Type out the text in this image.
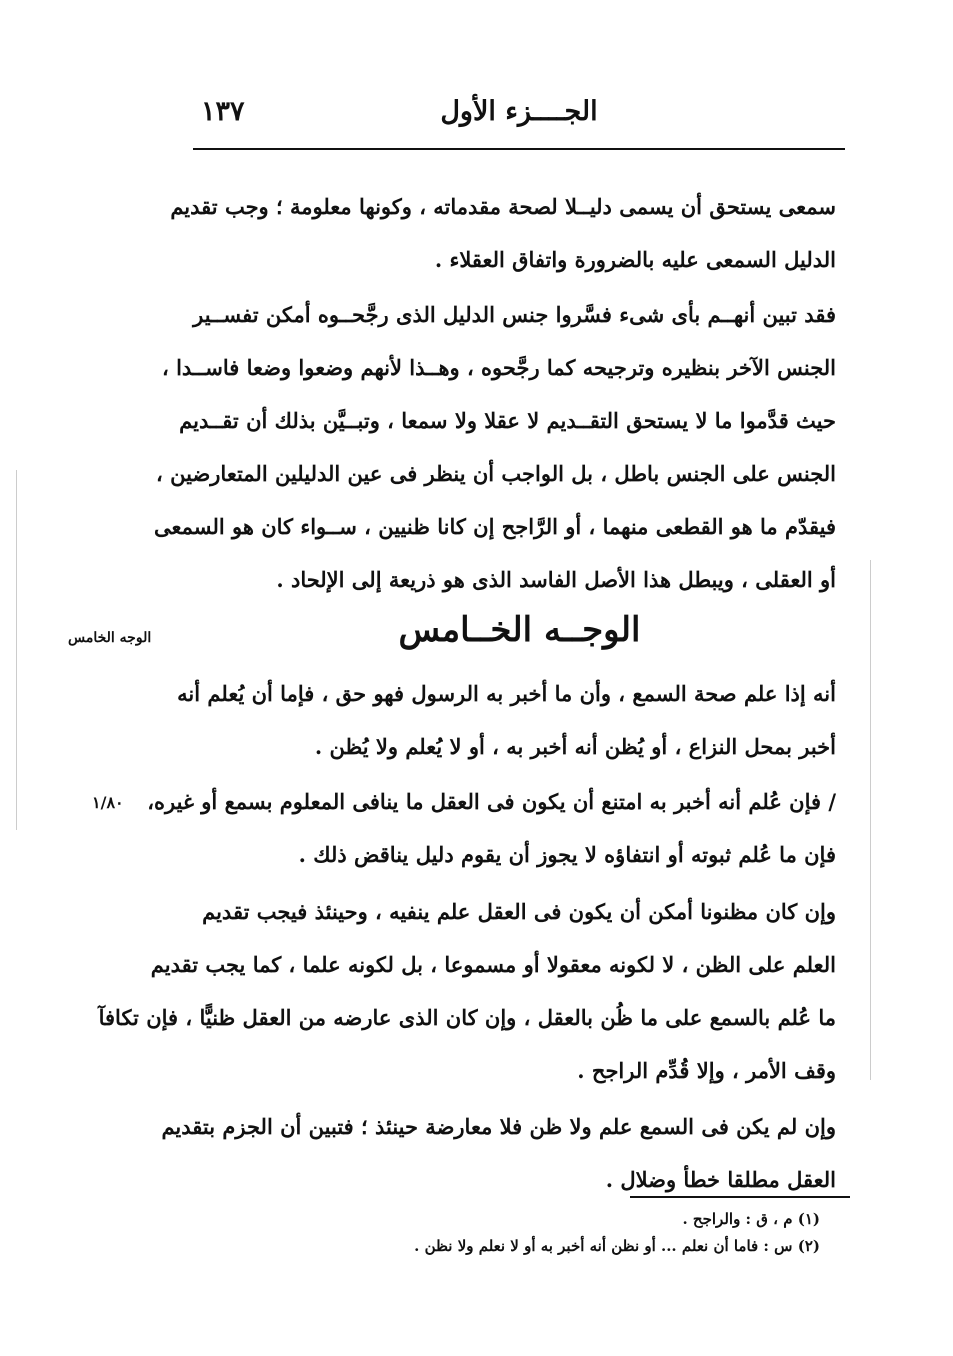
الجــــزء الأول
١٣٧
سمعى يستحق أن يسمى دليــلا لصحة مقدماته ، وكونها معلومة ؛ وجب تقديم
الدليل السمعى عليه بالضرورة واتفاق العقلاء .
فقد تبين أنهــم بأى شىء فسَّروا جنس الدليل الذى رجَّحــوه أمكن تفســير
الجنس الآخر بنظيره وترجيحه كما رجَّحوه ، وهــذا لأنهم وضعوا وضعا فاســدا ،
حيث قدَّموا ما لا يستحق التقــديم لا عقلا ولا سمعا ، وتبــيَّن بذلك أن تقــديم
الجنس على الجنس باطل ، بل الواجب أن ينظر فى عين الدليلين المتعارضين ،
فيقدّم ما هو القطعى منهما ، أو الرَّاجح إن كانا ظنيين ، ســواء كان هو السمعى
أو العقلى ، ويبطل هذا الأصل الفاسد الذى هو ذريعة إلى الإلحاد .
الوجــه الخــامس
الوجه الخامس
أنه إذا علم صحة السمع ، وأن ما أخبر به الرسول فهو حق ، فإما أن يُعلم أنه
أخبر بمحل النزاع ، أو يُظن أنه أخبر به ، أو لا يُعلم ولا يُظن .
/ فإن عُلم أنه أخبر به امتنع أن يكون فى العقل ما ينافى المعلوم بسمع أو غيره،
فإن ما عُلم ثبوته أو انتفاؤه لا يجوز أن يقوم دليل يناقض ذلك .
١/٨٠
وإن كان مظنونا أمكن أن يكون فى العقل علم ينفيه ، وحينئذ فيجب تقديم
العلم على الظن ، لا لكونه معقولا أو مسموعا ، بل لكونه علما ، كما يجب تقديم
ما عُلم بالسمع على ما ظُن بالعقل ، وإن كان الذى عارضه من العقل ظنيًّا ، فإن تكافآ
وقف الأمر ، وإلا قُدِّم الراجح .
وإن لم يكن فى السمع علم ولا ظن فلا معارضة حينئذ ؛ فتبين أن الجزم بتقديم
العقل مطلقا خطأ وضلال .
(١) م ، ق : والراجح .
(٢) س : فاما أن نعلم ... أو نظن أنه أخبر به أو لا نعلم ولا نظن .
